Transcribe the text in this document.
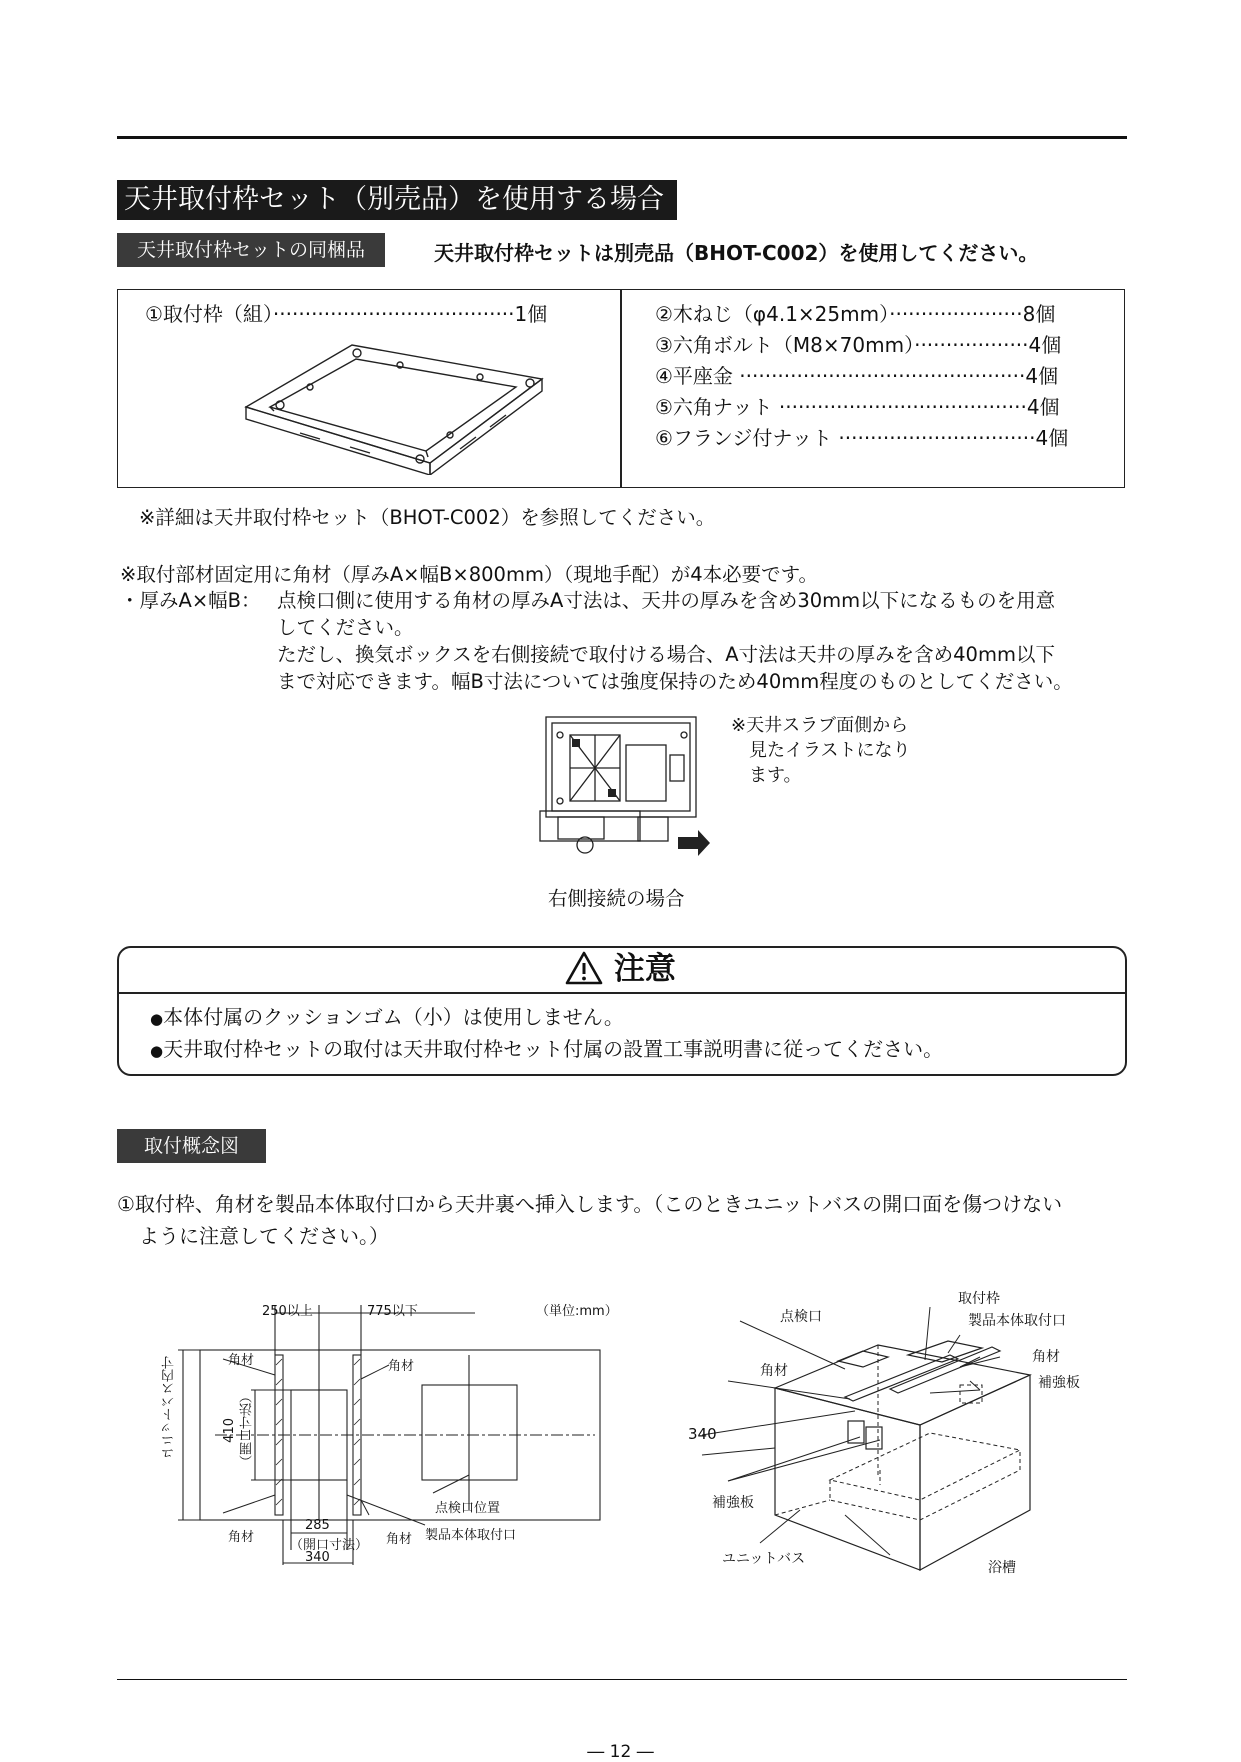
天井取付枠セット（別売品）を使用する場合
天井取付枠セットの同梱品	天井取付枠セットは別売品（BHOT-C002）を使用してください。
①取付枠（組）······································1個	②木ねじ（φ4.1×25mm）·····················8個
③六角ボルト（M8×70mm）··················4個
④平座金 ·············································4個
⑤六角ナット ·······································4個
⑥フランジ付ナット ·······························4個
※詳細は天井取付枠セット（BHOT-C002）を参照してください。
※取付部材固定用に角材（厚みA×幅B×800mm）（現地手配）が4本必要です。
・厚みA×幅B： 点検口側に使用する角材の厚みA寸法は、天井の厚みを含め30mm以下になるものを用意
してください。
ただし、換気ボックスを右側接続で取付ける場合、A寸法は天井の厚みを含め40mm以下
まで対応できます。幅B寸法については強度保持のため40mm程度のものとしてください。
※天井スラブ面側から
見たイラストになり
ます。
右側接続の場合
注意
●本体付属のクッションゴム（小）は使用しません。
●天井取付枠セットの取付は天井取付枠セット付属の設置工事説明書に従ってください。
取付概念図
①取付枠、角材を製品本体取付口から天井裏へ挿入します。（このときユニットバスの開口面を傷つけない
ように注意してください。）
250以上	775以下	（単位:mm）
角材	角材
角材	角材
ユニットバス内寸	410 （開口寸法）
285
（開口寸法）
340
点検口位置
製品本体取付口
取付枠
点検口	製品本体取付口
角材
角材
補強板
340
補強板
ユニットバス
浴槽
― 12 ―
